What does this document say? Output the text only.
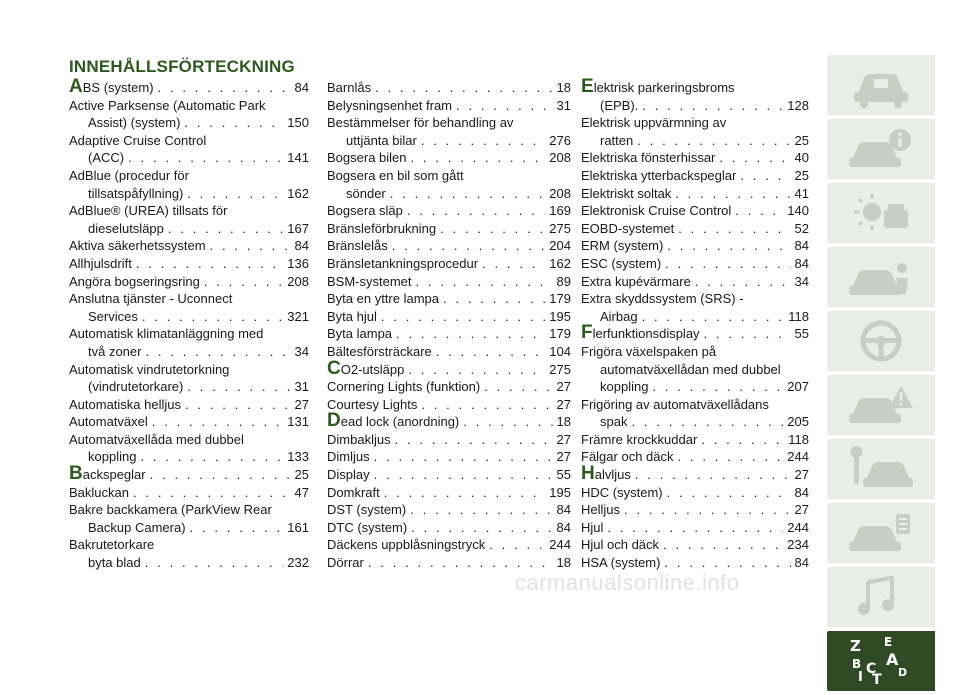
INNEHÅLLSFÖRTECKNING
A BS (system) . . .	84
Active Parksense (Automatic Park
Assist) (system) . . .	150
Adaptive Cruise Control
(ACC) . . .	141
AdBlue (procedur för
tillsatspåfyllning) . . .	162
AdBlue® (UREA) tillsats för
dieselutsläpp . . .	167
Aktiva säkerhetssystem . . .	84
Allhjulsdrift . . .	136
Angöra bogseringsring . . .	208
Anslutna tjänster - Uconnect
Services . . .	321
Automatisk klimatanläggning med
två zoner . . .	34
Automatisk vindrutetorkning
(vindrutetorkare) . . .	31
Automatiska helljus . . .	27
Automatväxel . . .	131
Automatväxellåda med dubbel
koppling . . .	133
B ackspeglar . . .	25
Bakluckan . . .	47
Bakre backkamera (ParkView Rear
Backup Camera) . . .	161
Bakrutetorkare
byta blad . . .	232
Barnlås . . .	18
Belysningsenhet fram . . .	31
Bestämmelser för behandling av
uttjänta bilar . . .	276
Bogsera bilen . . .	208
Bogsera en bil som gått
sönder . . .	208
Bogsera släp . . .	169
Bränsleförbrukning . . .	275
Bränslelås . . .	204
Bränsletankningsprocedur . . .	162
BSM-systemet . . .	89
Byta en yttre lampa . . .	179
Byta hjul . . .	195
Byta lampa . . .	179
Bältesförsträckare . . .	104
C O2-utsläpp . . .	275
Cornering Lights (funktion) . . .	27
Courtesy Lights . . .	27
D ead lock (anordning) . . .	18
Dimbakljus . . .	27
Dimljus . . .	27
Display . . .	55
Domkraft . . .	195
DST (system) . . .	84
DTC (system) . . .	84
Däckens uppblåsningstryck . . .	244
Dörrar . . .	18
E lektrisk parkeringsbroms
(EPB). . . .	128
Elektrisk uppvärmning av
ratten . . .	25
Elektriska fönsterhissar . . .	40
Elektriska ytterbackspeglar . . .	25
Elektriskt soltak . . .	41
Elektronisk Cruise Control . . .	140
EOBD-systemet . . .	52
ERM (system) . . .	84
ESC (system) . . .	84
Extra kupévärmare . . .	34
Extra skyddssystem (SRS) -
Airbag . . .	118
F lerfunktionsdisplay . . .	55
Frigöra växelspaken på
automatväxellådan med dubbel
koppling . . .	207
Frigöring av automatväxellådans
spak . . .	205
Främre krockkuddar . . .	118
Fälgar och däck . . .	244
H alvljus . . .	27
HDC (system) . . .	84
Helljus . . .	27
Hjul . . .	244
Hjul och däck . . .	234
HSA (system) . . .	84
Z E
B A
C D
I T
carmanualsonline.info
